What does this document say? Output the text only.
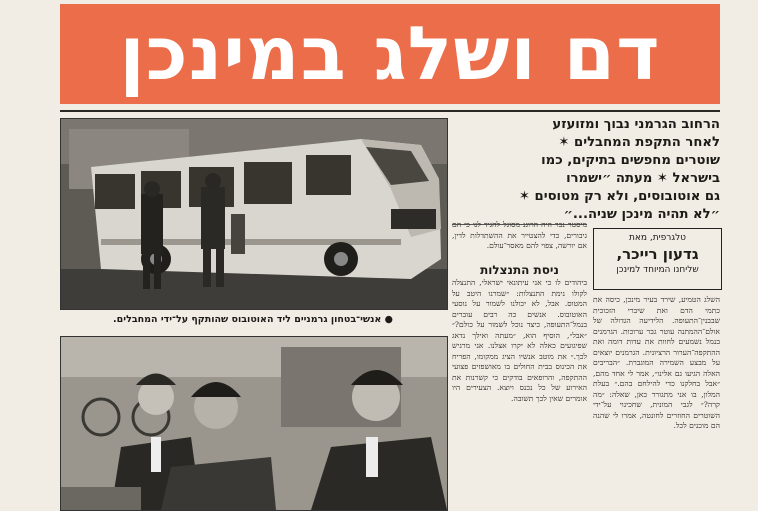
דם ושלג במינכן
● אנשי־בטחון גרמניים ליד האוטובוס שהותקף על־ידי המחבלים.
הרחוב הגרמני נבוך ומזועזע
לאחר התקפת המחבלים ✶
שוטרים מחפשים בתיקים, כמו
בישראל ✶ מעתה ״ישמרו
גם אוטובוסים, ולא רק מטוסים ✶
״לא תהיה מינכן שניה...״
טלגרפית, מאת
גדעון רייכר,
שליחנו המיוחד למינכן

מיסטר נבר היה הרוגנ מסוגל להגיד לנו כי הם גיבורים, כדי להצטייר את ההשתדלות לדין, אם יורשה, צפוי להם מאסר־עולם.

ניסת התנצלות

ביהודים לו כי אני עיתונאי ישראלי, התנצלה לקולו נימת התנצלות: ״שמרנו היטב על המטוס. אבל, לא יכולנו לשמור על נוסעי האוטובוס. אנשים כה רבים עוברים בנמל־התעופה, כיצד נוכל לשמור על כולם?״ ״אבל״, הוסיף הוא, ״מעתה ואילך נדאג שפיגועים כאלה לא יקרו אצלנו. אני מרגיש לכך.״ את מוטב אנשיו הציג ממקומו, הפריח את הכינוס בבית החולים בו מאושפזים פצועי ההתקפה, והרופאים בודקים כי קשרנות את האירוע של כל נכנס ויוצא. הצעירים היו אומרים שאין לכך תשובה.

השלג הטמיע, שירד בעיר מינכן, כיסה את כתמי הדם ואת שיברי הזכוכית שבבנין־התעופה. הלידיעה הגדולה של אולם־ההמתנה עוטר גבר ערוכות. הגרמנים בנמל נשמעים לחוות את עדות דומה ואת ההתקפה־הערור הרציונית. הגרמנים יוצאים על מבצע השמירה המוגברת. ״הבריבים האלה הגיעו גם אלינו״, אמר לי אחד מהם, ״אבל בחלקנו כדי להילחם בהם.״ בעלת המלון, בו אני מתגורר כאן, שאלה: ״מה קרה?״ לגבי המונית, שחכינוי על־ידי השוטרים החוזרים לחונטה, אמרו לי שהנה הם מוכנים לכל.
